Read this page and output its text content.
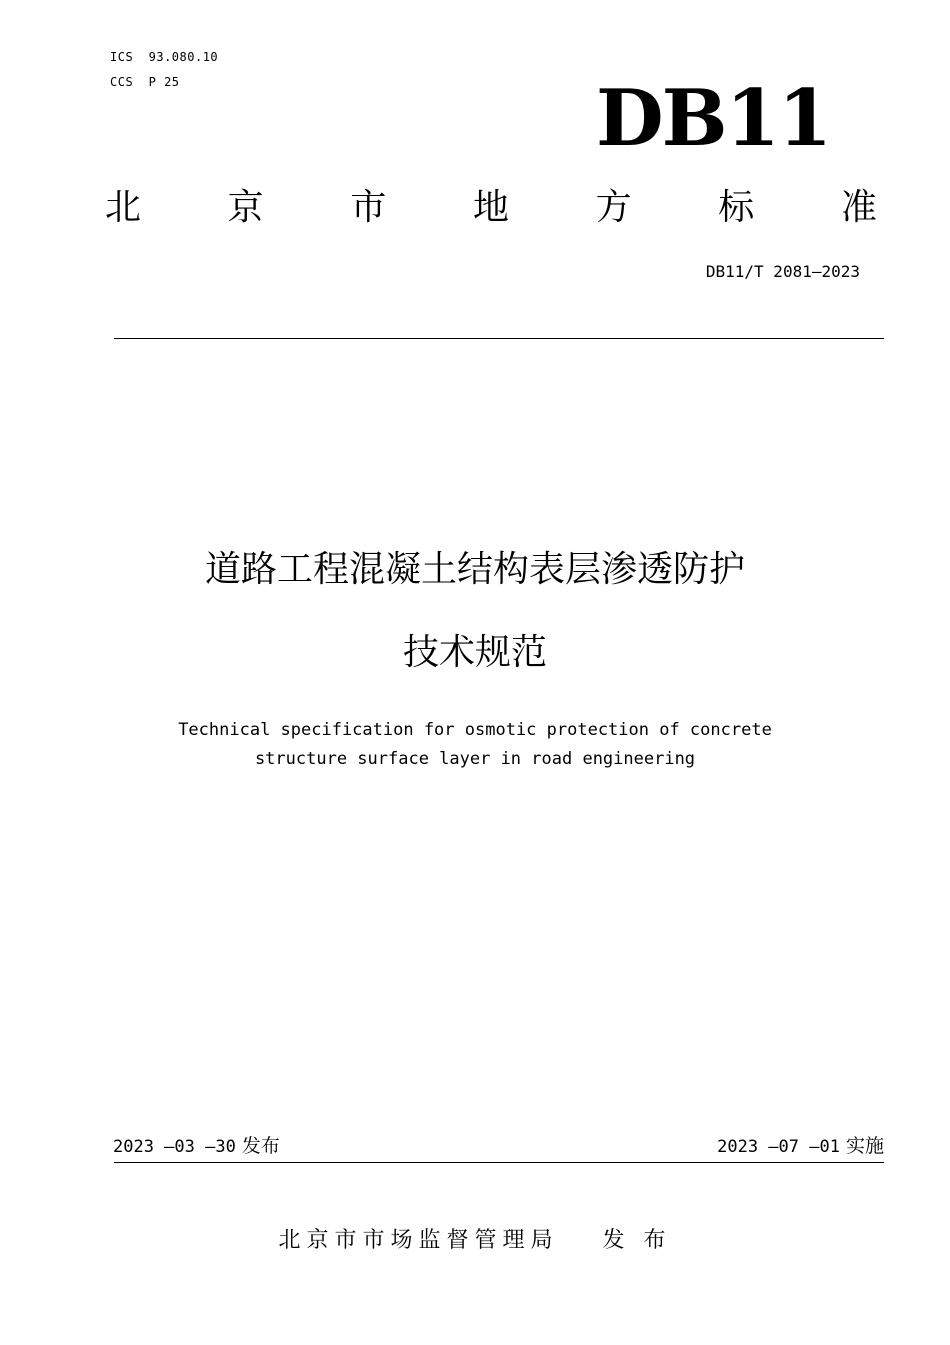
ICS  93.080.10
CCS  P 25	DB11
北 京 市 地 方 标 准
DB11/T 2081—2023
道路工程混凝土结构表层渗透防护
技术规范
Technical specification for osmotic protection of concrete
structure surface layer in road engineering
2023 —03 —30 发布	2023 —07 —01 实施
北京市市场监督管理局 发 布
